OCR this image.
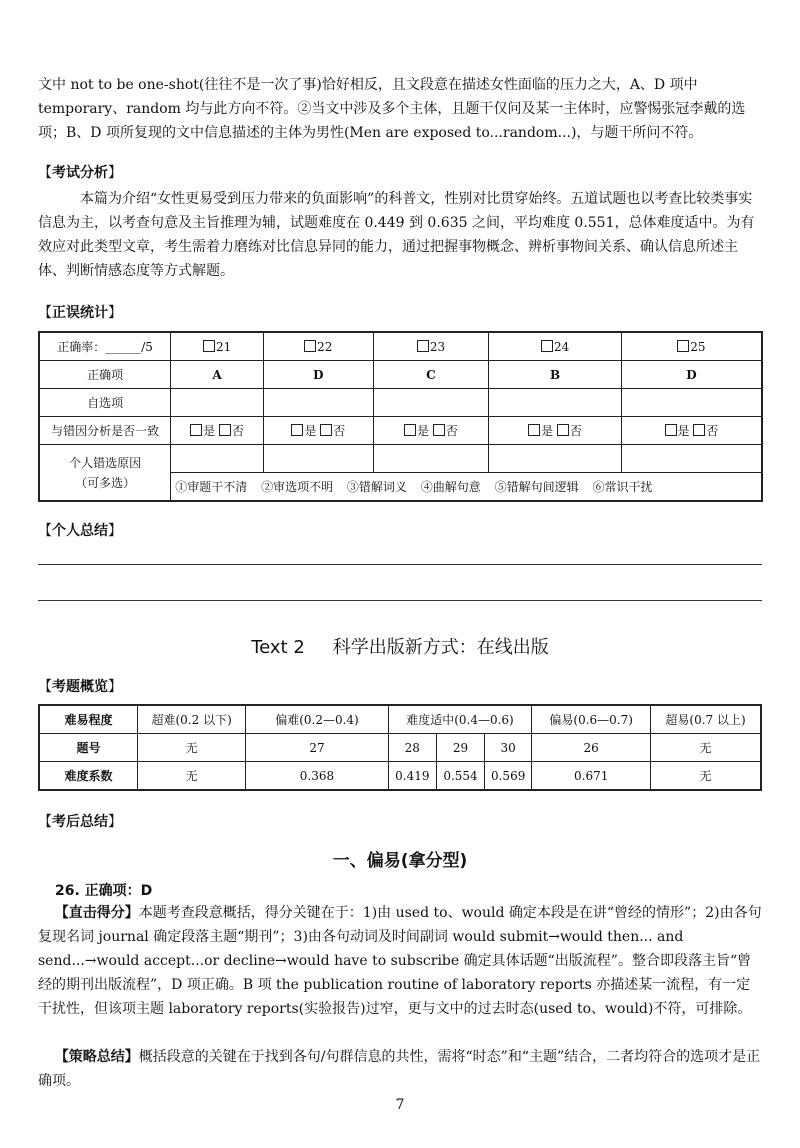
文中 not to be one-shot(往往不是一次了事)恰好相反，且文段意在描述女性面临的压力之大，A、D 项中 temporary、random 均与此方向不符。②当文中涉及多个主体，且题干仅问及某一主体时，应警惕张冠李戴的选项；B、D 项所复现的文中信息描述的主体为男性(Men are exposed to...random...)，与题干所问不符。

【考试分析】

本篇为介绍“女性更易受到压力带来的负面影响”的科普文，性别对比贯穿始终。五道试题也以考查比较类事实信息为主，以考查句意及主旨推理为辅，试题难度在 0.449 到 0.635 之间，平均难度 0.551，总体难度适中。为有效应对此类型文章，考生需着力磨练对比信息异同的能力，通过把握事物概念、辨析事物间关系、确认信息所述主体、判断情感态度等方式解题。

【正误统计】
正确率：______/5	21	22	23	24	25
正确项	A	D	C	B	D
自选项					
与错因分析是否一致	是 否	是 否	是 否	是 否	是 否
个人错选原因
（可多选）					
	①审题干不清 ②审选项不明 ③错解词义 ④曲解句意 ⑤错解句间逻辑 ⑥常识干扰				
【个人总结】
Text 2 科学出版新方式：在线出版
【考题概览】
难易程度	超难(0.2 以下)	偏难(0.2—0.4)	难度适中(0.4—0.6)			偏易(0.6—0.7)	超易(0.7 以上)
题号	无	27	28	29	30	26	无
难度系数	无	0.368	0.419	0.554	0.569	0.671	无
【考后总结】
一、偏易(拿分型)
26. 正确项：D

【直击得分】本题考查段意概括，得分关键在于：1)由 used to、would 确定本段是在讲“曾经的情形”；2)由各句复现名词 journal 确定段落主题“期刊”；3)由各句动词及时间副词 would submit→would then... and send...→would accept...or decline→would have to subscribe 确定具体话题“出版流程”。整合即段落主旨“曾经的期刊出版流程”，D 项正确。B 项 the publication routine of laboratory reports 亦描述某一流程，有一定干扰性，但该项主题 laboratory reports(实验报告)过窄，更与文中的过去时态(used to、would)不符，可排除。

【策略总结】概括段意的关键在于找到各句/句群信息的共性，需将“时态”和“主题”结合，二者均符合的选项才是正确项。

7
